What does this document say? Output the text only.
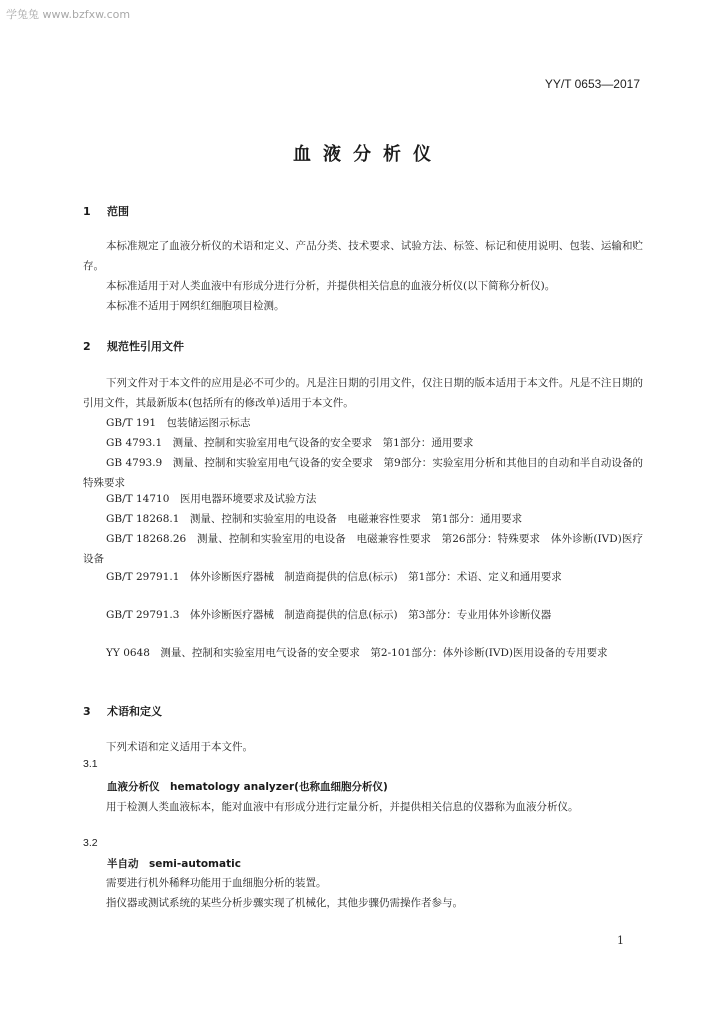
学兔兔 www.bzfxw.com
YY/T 0653—2017
血液分析仪
1 范围
本标准规定了血液分析仪的术语和定义、产品分类、技术要求、试验方法、标签、标记和使用说明、包装、运输和贮存。
本标准适用于对人类血液中有形成分进行分析，并提供相关信息的血液分析仪(以下简称分析仪)。
本标准不适用于网织红细胞项目检测。
2 规范性引用文件
下列文件对于本文件的应用是必不可少的。凡是注日期的引用文件，仅注日期的版本适用于本文件。凡是不注日期的引用文件，其最新版本(包括所有的修改单)适用于本文件。
GB/T 191　包装储运图示标志
GB 4793.1　测量、控制和实验室用电气设备的安全要求　第1部分：通用要求
GB 4793.9　测量、控制和实验室用电气设备的安全要求　第9部分：实验室用分析和其他目的自动和半自动设备的特殊要求
GB/T 14710　医用电器环境要求及试验方法
GB/T 18268.1　测量、控制和实验室用的电设备　电磁兼容性要求　第1部分：通用要求
GB/T 18268.26　测量、控制和实验室用的电设备　电磁兼容性要求　第26部分：特殊要求　体外诊断(IVD)医疗设备
GB/T 29791.1　体外诊断医疗器械　制造商提供的信息(标示)　第1部分：术语、定义和通用要求
GB/T 29791.3　体外诊断医疗器械　制造商提供的信息(标示)　第3部分：专业用体外诊断仪器
YY 0648　测量、控制和实验室用电气设备的安全要求　第2-101部分：体外诊断(IVD)医用设备的专用要求
3 术语和定义
下列术语和定义适用于本文件。
3.1
血液分析仪　hematology analyzer(也称血细胞分析仪)
用于检测人类血液标本，能对血液中有形成分进行定量分析，并提供相关信息的仪器称为血液分析仪。
3.2
半自动　semi-automatic
需要进行机外稀释功能用于血细胞分析的装置。
指仪器或测试系统的某些分析步骤实现了机械化，其他步骤仍需操作者参与。
1
